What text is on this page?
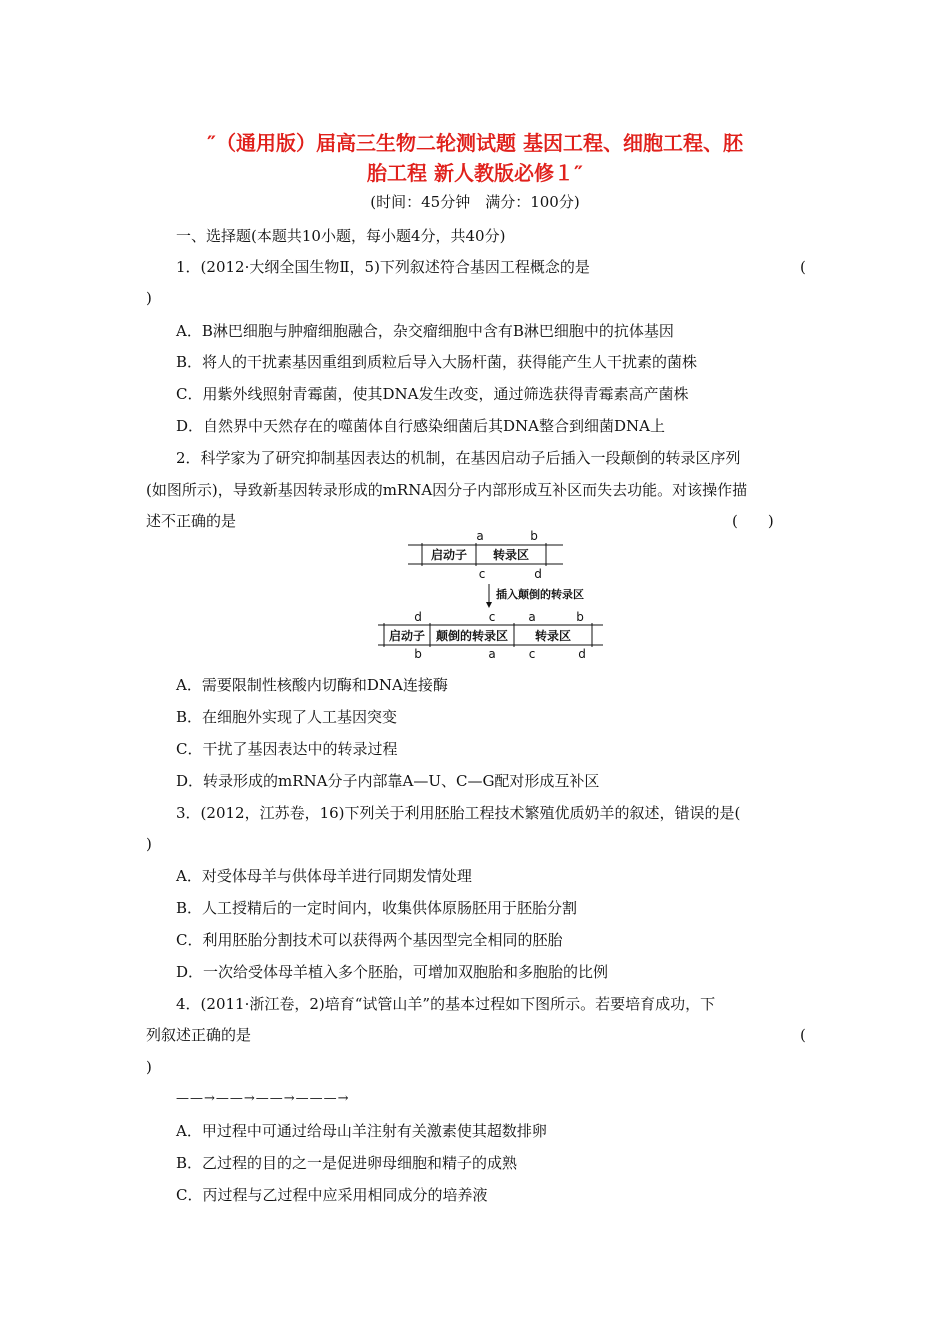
″（通用版）届高三生物二轮测试题 基因工程、细胞工程、胚
胎工程 新人教版必修１″
(时间：45分钟　满分：100分)
一、选择题(本题共10小题，每小题4分，共40分)
1．(2012·大纲全国生物Ⅱ，5)下列叙述符合基因工程概念的是	(
)
A．B淋巴细胞与肿瘤细胞融合，杂交瘤细胞中含有B淋巴细胞中的抗体基因
B．将人的干扰素基因重组到质粒后导入大肠杆菌，获得能产生人干扰素的菌株
C．用紫外线照射青霉菌，使其DNA发生改变，通过筛选获得青霉素高产菌株
D．自然界中天然存在的噬菌体自行感染细菌后其DNA整合到细菌DNA上
2．科学家为了研究抑制基因表达的机制，在基因启动子后插入一段颠倒的转录区序列
(如图所示)，导致新基因转录形成的mRNA因分子内部形成互补区而失去功能。对该操作描
述不正确的是	(　　)
a	b
启动子 转录区
c	d
插入颠倒的转录区
d	c	a	b
启动子 颠倒的转录区 转录区
b	a	c	d
A．需要限制性核酸内切酶和DNA连接酶
B．在细胞外实现了人工基因突变
C．干扰了基因表达中的转录过程
D．转录形成的mRNA分子内部靠A—U、C—G配对形成互补区
3．(2012，江苏卷，16)下列关于利用胚胎工程技术繁殖优质奶羊的叙述，错误的是(
)
A．对受体母羊与供体母羊进行同期发情处理
B．人工授精后的一定时间内，收集供体原肠胚用于胚胎分割
C．利用胚胎分割技术可以获得两个基因型完全相同的胚胎
D．一次给受体母羊植入多个胚胎，可增加双胞胎和多胞胎的比例
4．(2011·浙江卷，2)培育“试管山羊”的基本过程如下图所示。若要培育成功，下
列叙述正确的是	(
)
——→——→——→———→
A．甲过程中可通过给母山羊注射有关激素使其超数排卵
B．乙过程的目的之一是促进卵母细胞和精子的成熟
C．丙过程与乙过程中应采用相同成分的培养液
